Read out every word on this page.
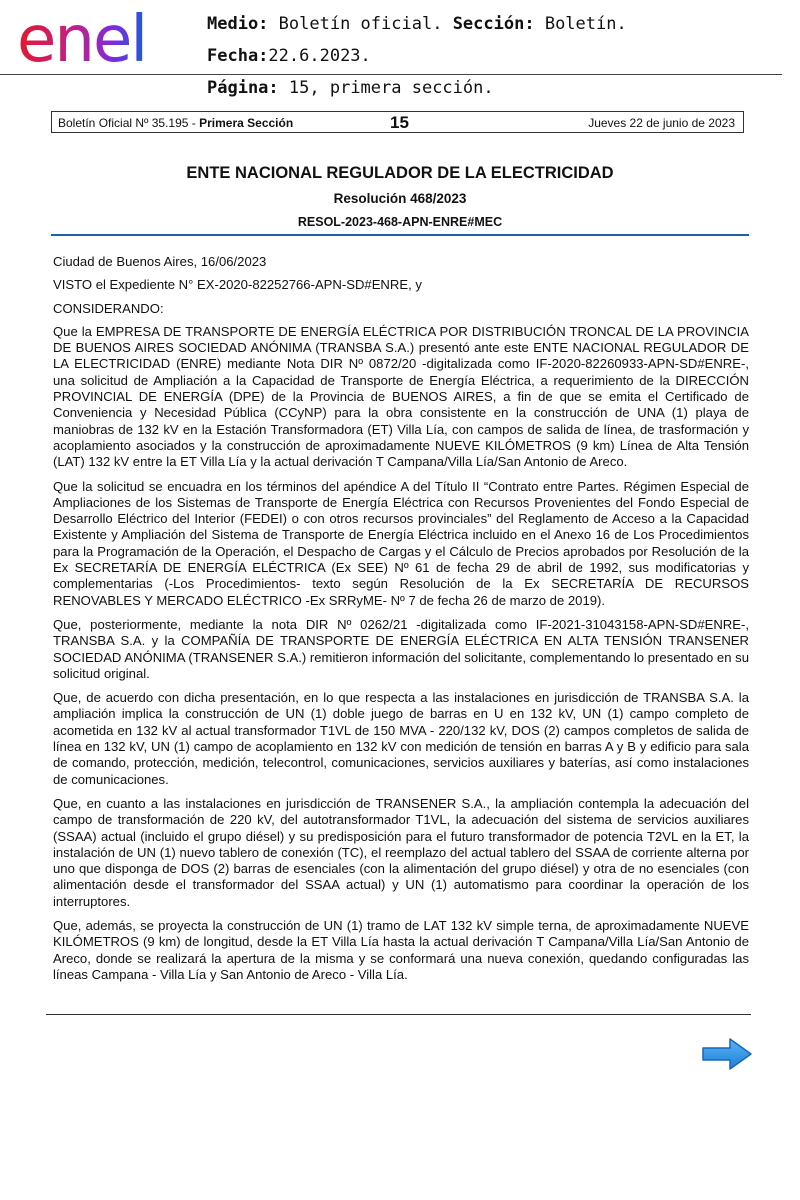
enel	Medio: Boletín oficial. Sección: Boletín. Fecha:22.6.2023.
Página: 15, primera sección.
Boletín Oficial Nº 35.195 - Primera Sección	15	Jueves 22 de junio de 2023
ENTE NACIONAL REGULADOR DE LA ELECTRICIDAD
Resolución 468/2023
RESOL-2023-468-APN-ENRE#MEC

Ciudad de Buenos Aires, 16/06/2023

VISTO el Expediente N° EX-2020-82252766-APN-SD#ENRE, y

CONSIDERANDO:

Que la EMPRESA DE TRANSPORTE DE ENERGÍA ELÉCTRICA POR DISTRIBUCIÓN TRONCAL DE LA PROVINCIA DE BUENOS AIRES SOCIEDAD ANÓNIMA (TRANSBA S.A.) presentó ante este ENTE NACIONAL REGULADOR DE LA ELECTRICIDAD (ENRE) mediante Nota DIR Nº 0872/20 -digitalizada como IF-2020-82260933-APN-SD#ENRE-, una solicitud de Ampliación a la Capacidad de Transporte de Energía Eléctrica, a requerimiento de la DIRECCIÓN PROVINCIAL DE ENERGÍA (DPE) de la Provincia de BUENOS AIRES, a fin de que se emita el Certificado de Conveniencia y Necesidad Pública (CCyNP) para la obra consistente en la construcción de UNA (1) playa de maniobras de 132 kV en la Estación Transformadora (ET) Villa Lía, con campos de salida de línea, de trasformación y acoplamiento asociados y la construcción de aproximadamente NUEVE KILÓMETROS (9 km) Línea de Alta Tensión (LAT) 132 kV entre la ET Villa Lía y la actual derivación T Campana/Villa Lía/San Antonio de Areco.

Que la solicitud se encuadra en los términos del apéndice A del Título II “Contrato entre Partes. Régimen Especial de Ampliaciones de los Sistemas de Transporte de Energía Eléctrica con Recursos Provenientes del Fondo Especial de Desarrollo Eléctrico del Interior (FEDEI) o con otros recursos provinciales” del Reglamento de Acceso a la Capacidad Existente y Ampliación del Sistema de Transporte de Energía Eléctrica incluido en el Anexo 16 de Los Procedimientos para la Programación de la Operación, el Despacho de Cargas y el Cálculo de Precios aprobados por Resolución de la Ex SECRETARÍA DE ENERGÍA ELÉCTRICA (Ex SEE) Nº 61 de fecha 29 de abril de 1992, sus modificatorias y complementarias (-Los Procedimientos- texto según Resolución de la Ex SECRETARÍA DE RECURSOS RENOVABLES Y MERCADO ELÉCTRICO -Ex SRRyME- Nº 7 de fecha 26 de marzo de 2019).

Que, posteriormente, mediante la nota DIR Nº 0262/21 -digitalizada como IF-2021-31043158-APN-SD#ENRE-, TRANSBA S.A. y la COMPAÑÍA DE TRANSPORTE DE ENERGÍA ELÉCTRICA EN ALTA TENSIÓN TRANSENER SOCIEDAD ANÓNIMA (TRANSENER S.A.) remitieron información del solicitante, complementando lo presentado en su solicitud original.

Que, de acuerdo con dicha presentación, en lo que respecta a las instalaciones en jurisdicción de TRANSBA S.A. la ampliación implica la construcción de UN (1) doble juego de barras en U en 132 kV, UN (1) campo completo de acometida en 132 kV al actual transformador T1VL de 150 MVA - 220/132 kV, DOS (2) campos completos de salida de línea en 132 kV, UN (1) campo de acoplamiento en 132 kV con medición de tensión en barras A y B y edificio para sala de comando, protección, medición, telecontrol, comunicaciones, servicios auxiliares y baterías, así como instalaciones de comunicaciones.

Que, en cuanto a las instalaciones en jurisdicción de TRANSENER S.A., la ampliación contempla la adecuación del campo de transformación de 220 kV, del autotransformador T1VL, la adecuación del sistema de servicios auxiliares (SSAA) actual (incluido el grupo diésel) y su predisposición para el futuro transformador de potencia T2VL en la ET, la instalación de UN (1) nuevo tablero de conexión (TC), el reemplazo del actual tablero del SSAA de corriente alterna por uno que disponga de DOS (2) barras de esenciales (con la alimentación del grupo diésel) y otra de no esenciales (con alimentación desde el transformador del SSAA actual) y UN (1) automatismo para coordinar la operación de los interruptores.

Que, además, se proyecta la construcción de UN (1) tramo de LAT 132 kV simple terna, de aproximadamente NUEVE KILÓMETROS (9 km) de longitud, desde la ET Villa Lía hasta la actual derivación T Campana/Villa Lía/San Antonio de Areco, donde se realizará la apertura de la misma y se conformará una nueva conexión, quedando configuradas las líneas Campana - Villa Lía y San Antonio de Areco - Villa Lía.
